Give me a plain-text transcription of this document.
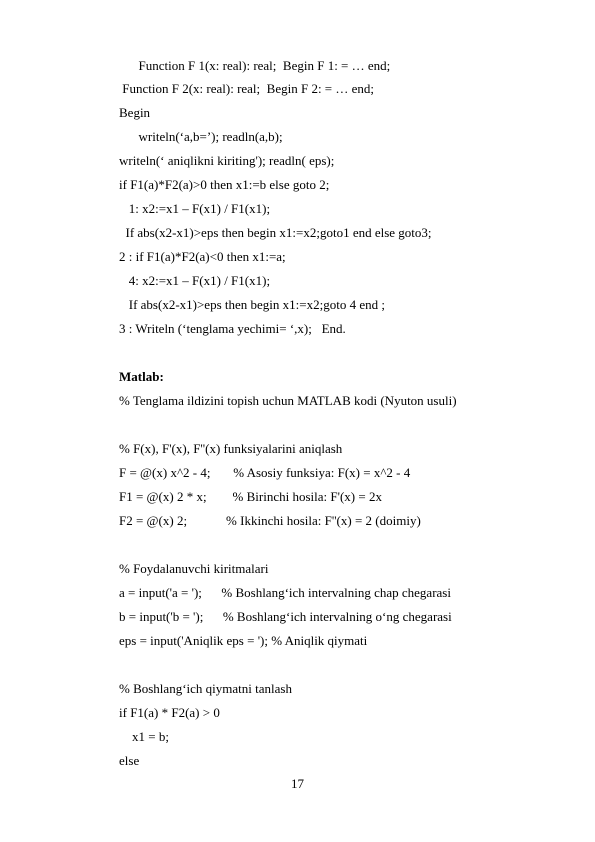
Function F 1(x: real): real;  Begin F 1: = … end;
Function F 2(x: real): real;  Begin F 2: = … end;
Begin
writeln(‘a,b=’); readln(a,b);
writeln(‘ aniqlikni kiriting'); readln( eps);
if F1(a)*F2(a)>0 then x1:=b else goto 2;
1: x2:=x1 – F(x1) / F1(x1);
If abs(x2-x1)>eps then begin x1:=x2;goto1 end else goto3;
2 : if F1(a)*F2(a)<0 then x1:=a;
4: x2:=x1 – F(x1) / F1(x1);
If abs(x2-x1)>eps then begin x1:=x2;goto 4 end ;
3 : Writeln (‘tenglama yechimi= ‘,x);   End.
Matlab:
% Tenglama ildizini topish uchun MATLAB kodi (Nyuton usuli)
% F(x), F'(x), F''(x) funksiyalarini aniqlash
F = @(x) x^2 - 4;       % Asosiy funksiya: F(x) = x^2 - 4
F1 = @(x) 2 * x;        % Birinchi hosila: F'(x) = 2x
F2 = @(x) 2;            % Ikkinchi hosila: F''(x) = 2 (doimiy)
% Foydalanuvchi kiritmalari
a = input('a = ');      % Boshlang‘ich intervalning chap chegarasi
b = input('b = ');      % Boshlang‘ich intervalning o‘ng chegarasi
eps = input('Aniqlik eps = '); % Aniqlik qiymati
% Boshlang‘ich qiymatni tanlash
if F1(a) * F2(a) > 0
x1 = b;
else
17
